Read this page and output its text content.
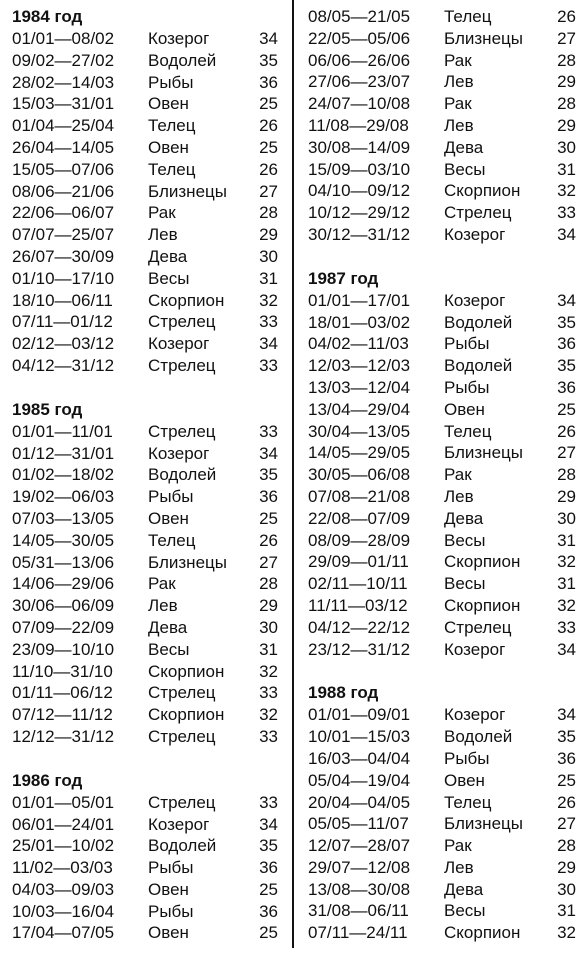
1984 год
01/01—08/02 Козерог	34
09/02—27/02 Водолей	35
28/02—14/03 Рыбы	36
15/03—31/01 Овен	25
01/04—25/04 Телец	26
26/04—14/05 Овен	25
15/05—07/06 Телец	26
08/06—21/06 Близнецы 27
22/06—06/07 Рак	28
07/07—25/07 Лев	29
26/07—30/09 Дева	30
01/10—17/10 Весы	31
18/10—06/11 Скорпион 32
07/11—01/12 Стрелец	33
02/12—03/12 Козерог	34
04/12—31/12 Стрелец	33
1985 год
01/01—11/01 Стрелец	33
01/12—31/01 Козерог	34
01/02—18/02 Водолей	35
19/02—06/03 Рыбы	36
07/03—13/05 Овен	25
14/05—30/05 Телец	26
05/31—13/06 Близнецы 27
14/06—29/06 Рак	28
30/06—06/09 Лев	29
07/09—22/09 Дева	30
23/09—10/10 Весы	31
11/10—31/10 Скорпион 32
01/11—06/12 Стрелец	33
07/12—11/12 Скорпион 32
12/12—31/12 Стрелец	33
1986 год
01/01—05/01 Стрелец	33
06/01—24/01 Козерог	34
25/01—10/02 Водолей	35
11/02—03/03 Рыбы	36
04/03—09/03 Овен	25
10/03—16/04 Рыбы	36
17/04—07/05 Овен	25
08/05—21/05 Телец	26
22/05—05/06 Близнецы	27
06/06—26/06 Рак	28
27/06—23/07 Лев	29
24/07—10/08 Рак	28
11/08—29/08 Лев	29
30/08—14/09 Дева	30
15/09—03/10 Весы	31
04/10—09/12 Скорпион	32
10/12—29/12 Стрелец	33
30/12—31/12 Козерог	34
1987 год
01/01—17/01 Козерог	34
18/01—03/02 Водолей	35
04/02—11/03 Рыбы	36
12/03—12/03 Водолей	35
13/03—12/04 Рыбы	36
13/04—29/04 Овен	25
30/04—13/05 Телец	26
14/05—29/05 Близнецы	27
30/05—06/08 Рак	28
07/08—21/08 Лев	29
22/08—07/09 Дева	30
08/09—28/09 Весы	31
29/09—01/11 Скорпион	32
02/11—10/11 Весы	31
11/11—03/12 Скорпион	32
04/12—22/12 Стрелец	33
23/12—31/12 Козерог	34
1988 год
01/01—09/01 Козерог	34
10/01—15/03 Водолей	35
16/03—04/04 Рыбы	36
05/04—19/04 Овен	25
20/04—04/05 Телец	26
05/05—11/07 Близнецы	27
12/07—28/07 Рак	28
29/07—12/08 Лев	29
13/08—30/08 Дева	30
31/08—06/11 Весы	31
07/11—24/11 Скорпион	32
